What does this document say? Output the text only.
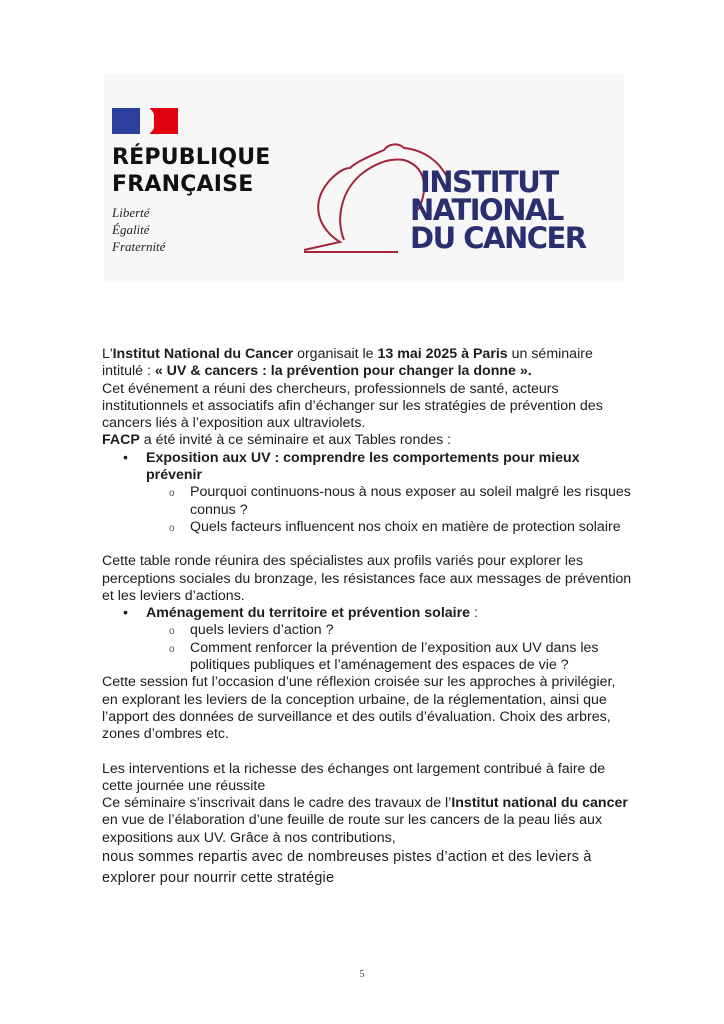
RÉPUBLIQUE
FRANÇAISE
Liberté
Égalité
Fraternité
INSTITUT
NATIONAL
DU CANCER

L'Institut National du Cancer organisait le 13 mai 2025 à Paris un séminaire intitulé : « UV & cancers : la prévention pour changer la donne ».

Cet événement a réuni des chercheurs, professionnels de santé, acteurs institutionnels et associatifs afin d’échanger sur les stratégies de prévention des cancers liés à l’exposition aux ultraviolets.

FACP a été invité à ce séminaire et aux Tables rondes :

• Exposition aux UV : comprendre les comportements pour mieux prévenir
o Pourquoi continuons-nous à nous exposer au soleil malgré les risques connus ?
o Quels facteurs influencent nos choix en matière de protection solaire

Cette table ronde réunira des spécialistes aux profils variés pour explorer les perceptions sociales du bronzage, les résistances face aux messages de prévention et les leviers d’actions.

• Aménagement du territoire et prévention solaire :
o quels leviers d’action ?
o Comment renforcer la prévention de l’exposition aux UV dans les politiques publiques et l’aménagement des espaces de vie ?

Cette session fut l’occasion d’une réflexion croisée sur les approches à privilégier, en explorant les leviers de la conception urbaine, de la réglementation, ainsi que l’apport des données de surveillance et des outils d’évaluation. Choix des arbres, zones d’ombres etc.

Les interventions et la richesse des échanges ont largement contribué à faire de cette journée une réussite

Ce séminaire s’inscrivait dans le cadre des travaux de l’Institut national du cancer en vue de l’élaboration d’une feuille de route sur les cancers de la peau liés aux expositions aux UV. Grâce à nos contributions,

nous sommes repartis avec de nombreuses pistes d’action et des leviers à explorer pour nourrir cette stratégie

5
